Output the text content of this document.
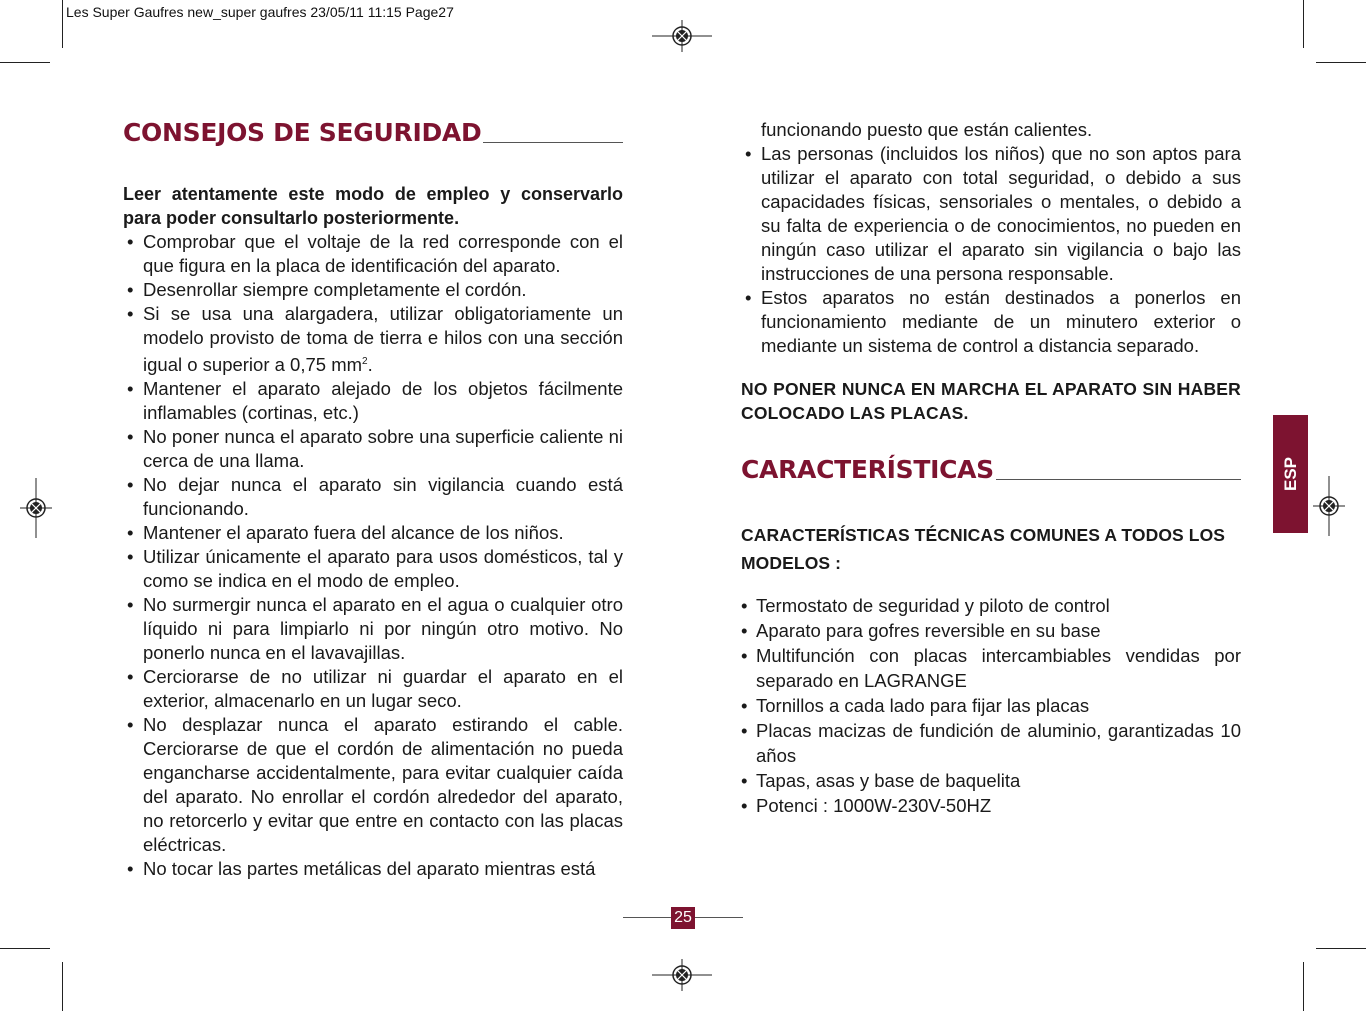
Les Super Gaufres new_super gaufres 23/05/11 11:15 Page27
CONSEJOS DE SEGURIDAD

Leer atentamente este modo de empleo y conservarlo para poder consultarlo posteriormente.

• Comprobar que el voltaje de la red corresponde con el que figura en la placa de identificación del aparato.
• Desenrollar siempre completamente el cordón.
• Si se usa una alargadera, utilizar obligatoriamente un modelo provisto de toma de tierra e hilos con una sección igual o superior a 0,75 $mm^2$.
• Mantener el aparato alejado de los objetos fácilmente inflamables (cortinas, etc.)
• No poner nunca el aparato sobre una superficie caliente ni cerca de una llama.
• No dejar nunca el aparato sin vigilancia cuando está funcionando.
• Mantener el aparato fuera del alcance de los niños.
• Utilizar únicamente el aparato para usos domésticos, tal y como se indica en el modo de empleo.
• No surmergir nunca el aparato en el agua o cualquier otro líquido ni para limpiarlo ni por ningún otro motivo. No ponerlo nunca en el lavavajillas.
• Cerciorarse de no utilizar ni guardar el aparato en el exterior, almacenarlo en un lugar seco.
• No desplazar nunca el aparato estirando el cable. Cerciorarse de que el cordón de alimentación no pueda engancharse accidentalmente, para evitar cualquier caída del aparato. No enrollar el cordón alrededor del aparato, no retorcerlo y evitar que entre en contacto con las placas eléctricas.
• No tocar las partes metálicas del aparato mientras está
funcionando puesto que están calientes.
• Las personas (incluidos los niños) que no son aptos para utilizar el aparato con total seguridad, o debido a sus capacidades físicas, sensoriales o mentales, o debido a su falta de experiencia o de conocimientos, no pueden en ningún caso utilizar el aparato sin vigilancia o bajo las instrucciones de una persona responsable.
• Estos aparatos no están destinados a ponerlos en funcionamiento mediante de un minutero exterior o mediante un sistema de control a distancia separado.
NO PONER NUNCA EN MARCHA EL APARATO SIN HABER COLOCADO LAS PLACAS.
CARACTERÍSTICAS
CARACTERÍSTICAS TÉCNICAS COMUNES A TODOS LOS MODELOS :
• Termostato de seguridad y piloto de control
• Aparato para gofres reversible en su base
• Multifunción con placas intercambiables vendidas por separado en LAGRANGE
• Tornillos a cada lado para fijar las placas
• Placas macizas de fundición de aluminio, garantizadas 10 años
• Tapas, asas y base de baquelita
• Potenci : 1000W-230V-50HZ
ESP
25
